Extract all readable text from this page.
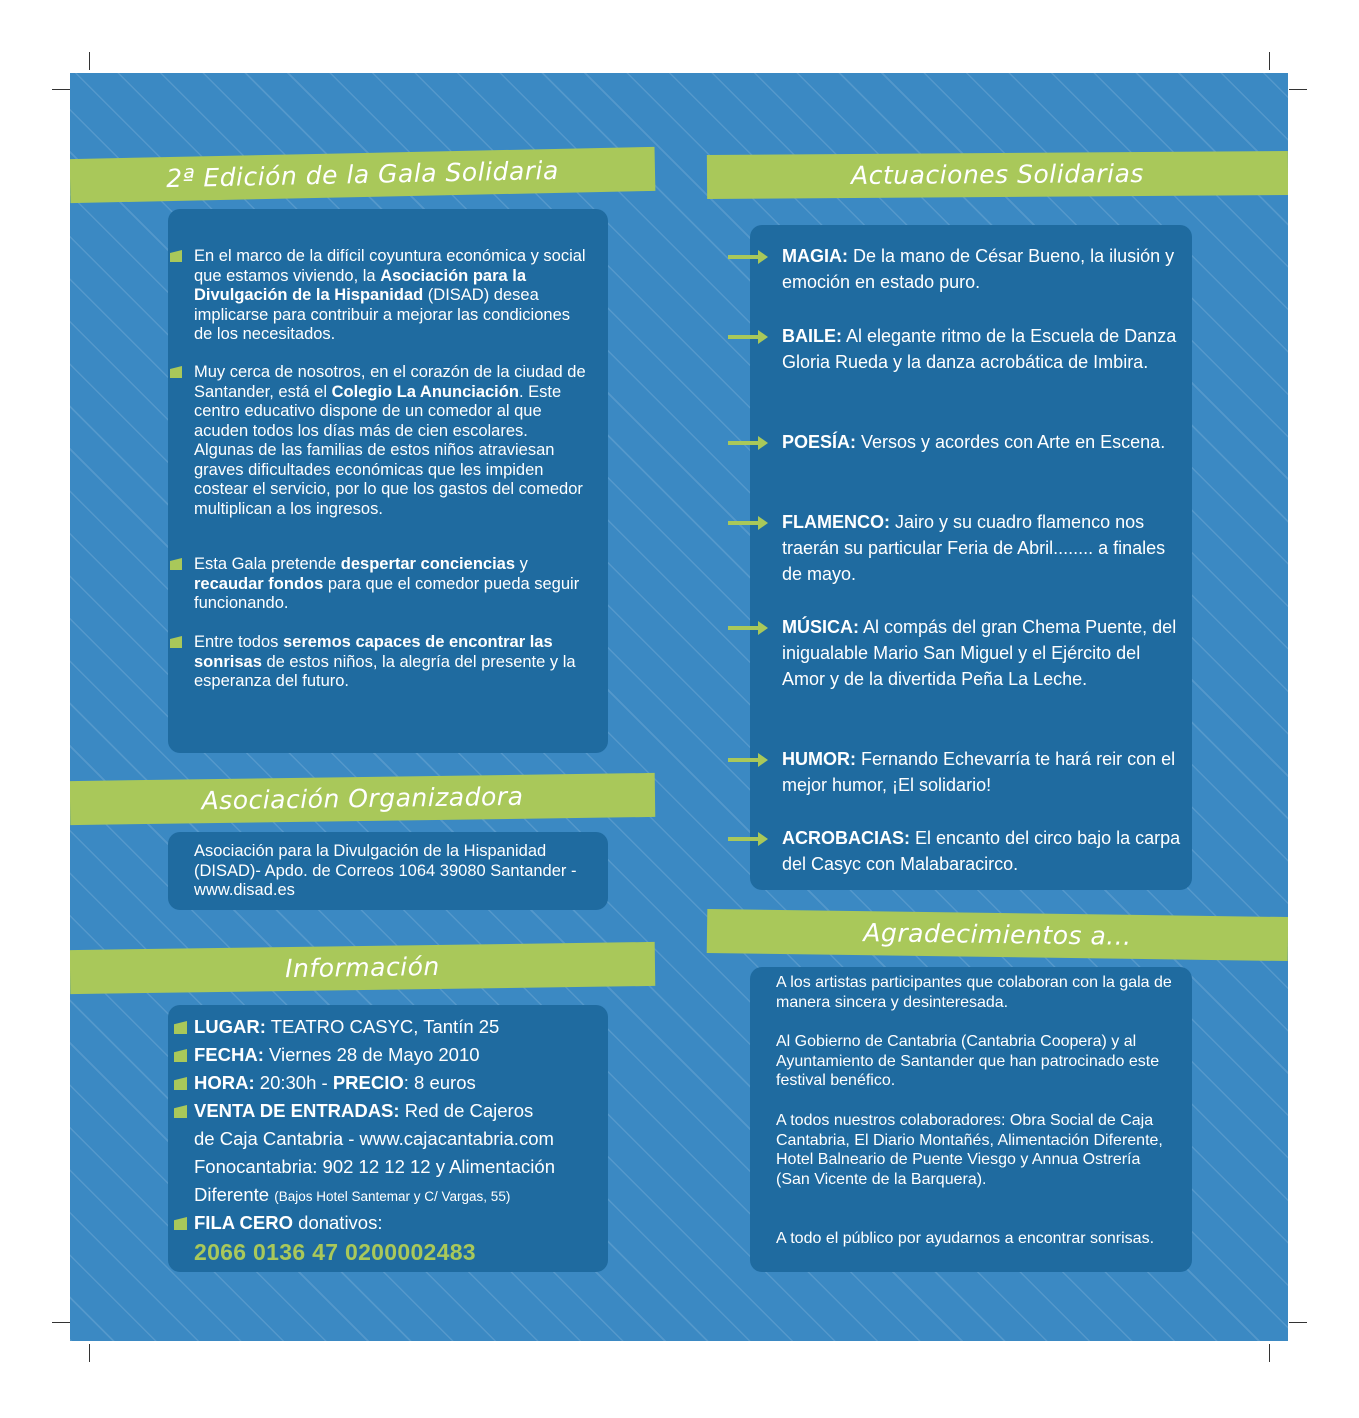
2ª Edición de la Gala Solidaria
En el marco de la difícil coyuntura económica y social que estamos viviendo, la Asociación para la Divulgación de la Hispanidad (DISAD) desea implicarse para contribuir a mejorar las condiciones de los necesitados.
Muy cerca de nosotros, en el corazón de la ciudad de Santander, está el Colegio La Anunciación. Este centro educativo dispone de un comedor al que acuden todos los días más de cien escolares. Algunas de las familias de estos niños atraviesan graves dificultades económicas que les impiden costear el servicio, por lo que los gastos del comedor multiplican a los ingresos.
Esta Gala pretende despertar conciencias y recaudar fondos para que el comedor pueda seguir funcionando.
Entre todos seremos capaces de encontrar las sonrisas de estos niños, la alegría del presente y la esperanza del futuro.
Asociación Organizadora
Asociación para la Divulgación de la Hispanidad (DISAD)- Apdo. de Correos 1064 39080 Santander - www.disad.es
Información
LUGAR: TEATRO CASYC, Tantín 25
FECHA: Viernes 28 de Mayo 2010
HORA: 20:30h - PRECIO: 8 euros
VENTA DE ENTRADAS: Red de Cajeros
de Caja Cantabria - www.cajacantabria.com
Fonocantabria: 902 12 12 12 y Alimentación
Diferente (Bajos Hotel Santemar y C/ Vargas, 55)
FILA CERO donativos:
2066 0136 47 0200002483
Actuaciones Solidarias
MAGIA: De la mano de César Bueno, la ilusión y emoción en estado puro.
BAILE: Al elegante ritmo de la Escuela de Danza Gloria Rueda y la danza acrobática de Imbira.
POESÍA: Versos y acordes con Arte en Escena.
FLAMENCO: Jairo y su cuadro flamenco nos traerán su particular Feria de Abril........ a finales de mayo.
MÚSICA: Al compás del gran Chema Puente, del inigualable Mario San Miguel y el Ejército del Amor y de la divertida Peña La Leche.
HUMOR: Fernando Echevarría te hará reir con el mejor humor, ¡El solidario!
ACROBACIAS: El encanto del circo bajo la carpa del Casyc con Malabaracirco.
Agradecimientos a...
A los artistas participantes que colaboran con la gala de manera sincera y desinteresada.
Al Gobierno de Cantabria (Cantabria Coopera) y al Ayuntamiento de Santander que han patrocinado este festival benéfico.
A todos nuestros colaboradores: Obra Social de Caja Cantabria, El Diario Montañés, Alimentación Diferente, Hotel Balneario de Puente Viesgo y Annua Ostrería (San Vicente de la Barquera).
A todo el público por ayudarnos a encontrar sonrisas.
